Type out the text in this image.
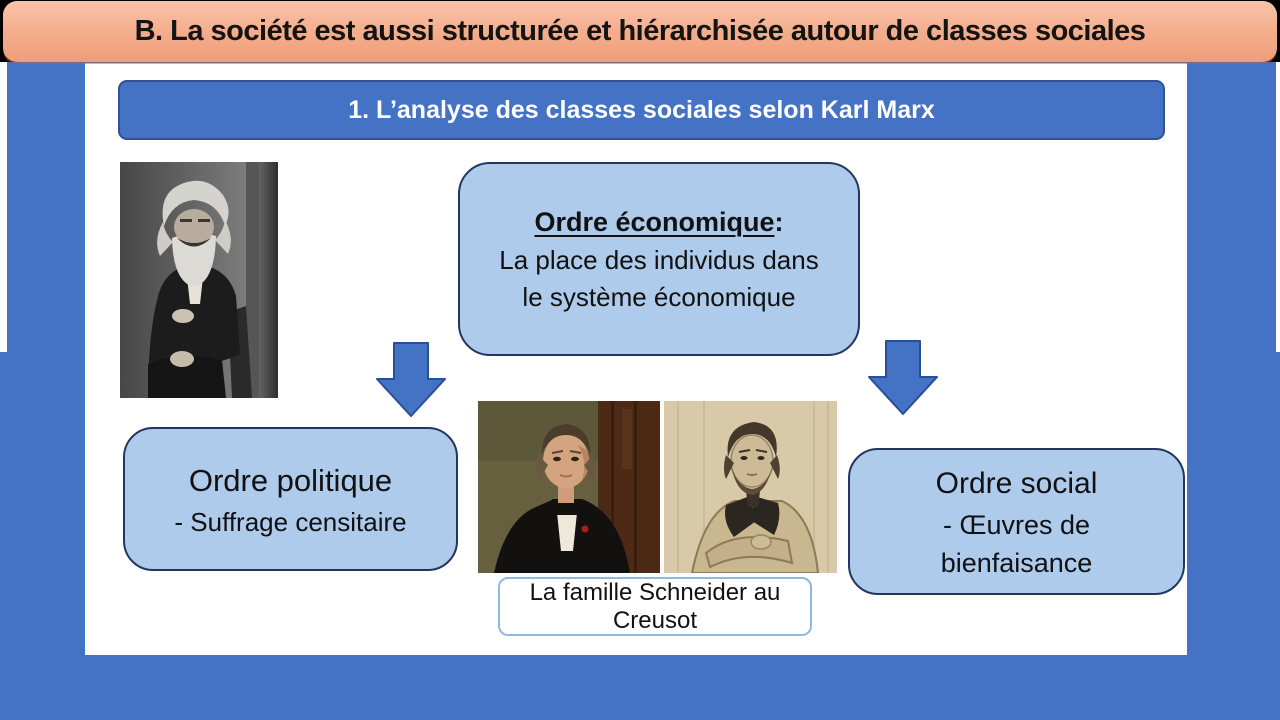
B. La société est aussi structurée et hiérarchisée autour de classes sociales
1. L’analyse des classes sociales selon Karl Marx
Ordre économique:
La place des individus dans
le système économique
Ordre politique
- Suffrage censitaire
Ordre social
- Œuvres de bienfaisance
La famille Schneider au Creusot
